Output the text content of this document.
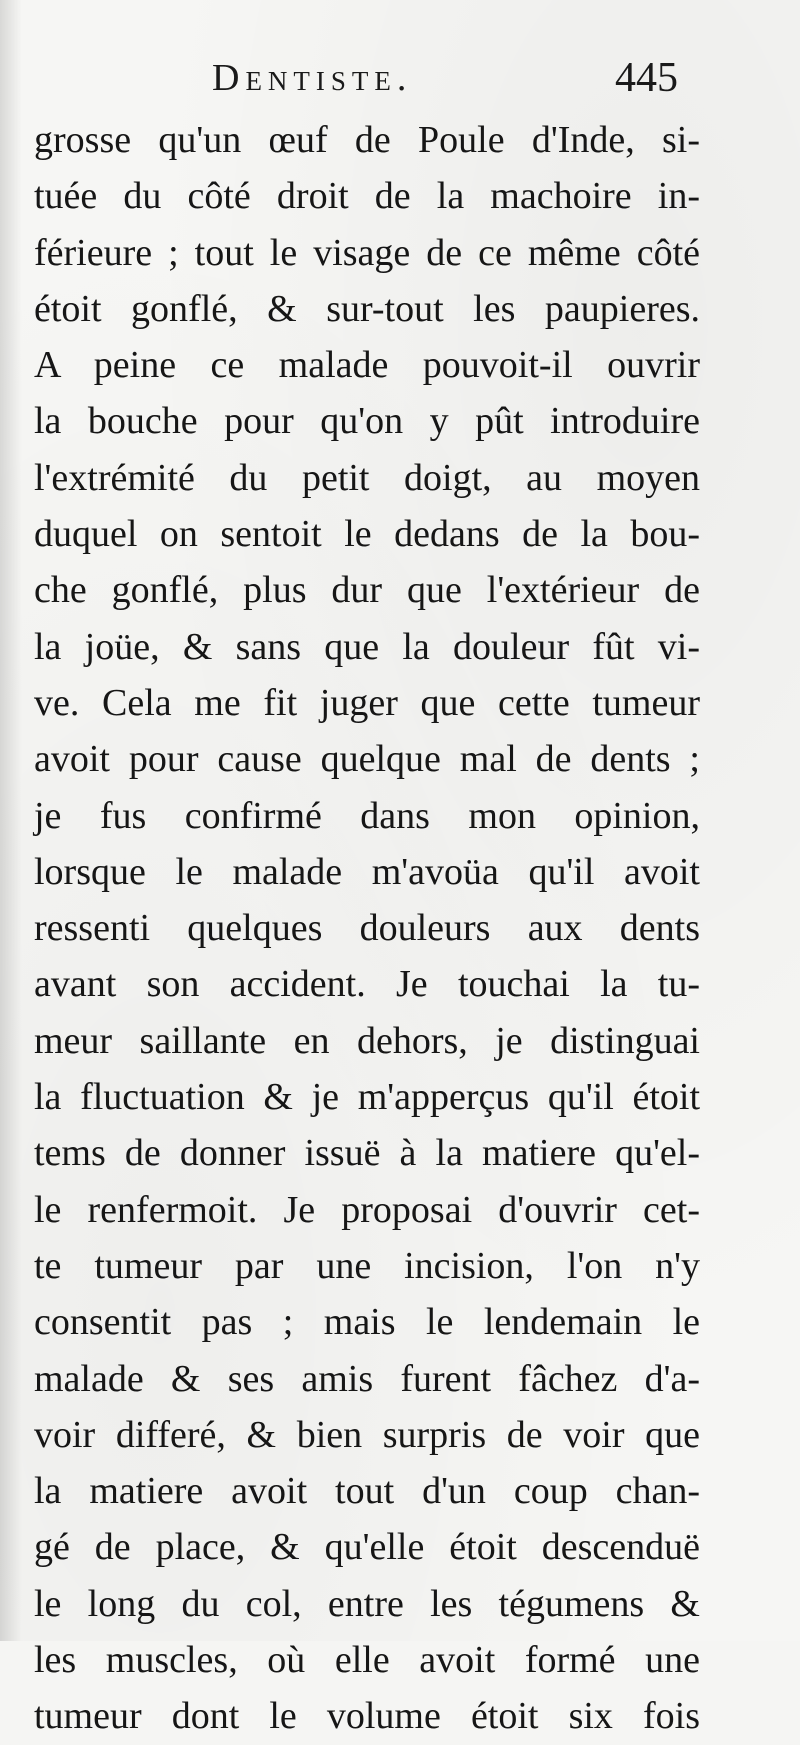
Dentiste.	445
grosse qu'un œuf de Poule d'Inde, si-
tuée du côté droit de la machoire in-
férieure ; tout le visage de ce même côté
étoit gonflé, & sur-tout les paupieres.
A peine ce malade pouvoit-il ouvrir
la bouche pour qu'on y pût introduire
l'extrémité du petit doigt, au moyen
duquel on sentoit le dedans de la bou-
che gonflé, plus dur que l'extérieur de
la joüe, & sans que la douleur fût vi-
ve. Cela me fit juger que cette tumeur
avoit pour cause quelque mal de dents ;
je fus confirmé dans mon opinion,
lorsque le malade m'avoüa qu'il avoit
ressenti quelques douleurs aux dents
avant son accident. Je touchai la tu-
meur saillante en dehors, je distinguai
la fluctuation & je m'apperçus qu'il étoit
tems de donner issuë à la matiere qu'el-
le renfermoit. Je proposai d'ouvrir cet-
te tumeur par une incision, l'on n'y
consentit pas ; mais le lendemain le
malade & ses amis furent fâchez d'a-
voir differé, & bien surpris de voir que
la matiere avoit tout d'un coup chan-
gé de place, & qu'elle étoit descenduë
le long du col, entre les tégumens &
les muscles, où elle avoit formé une
tumeur dont le volume étoit six fois
